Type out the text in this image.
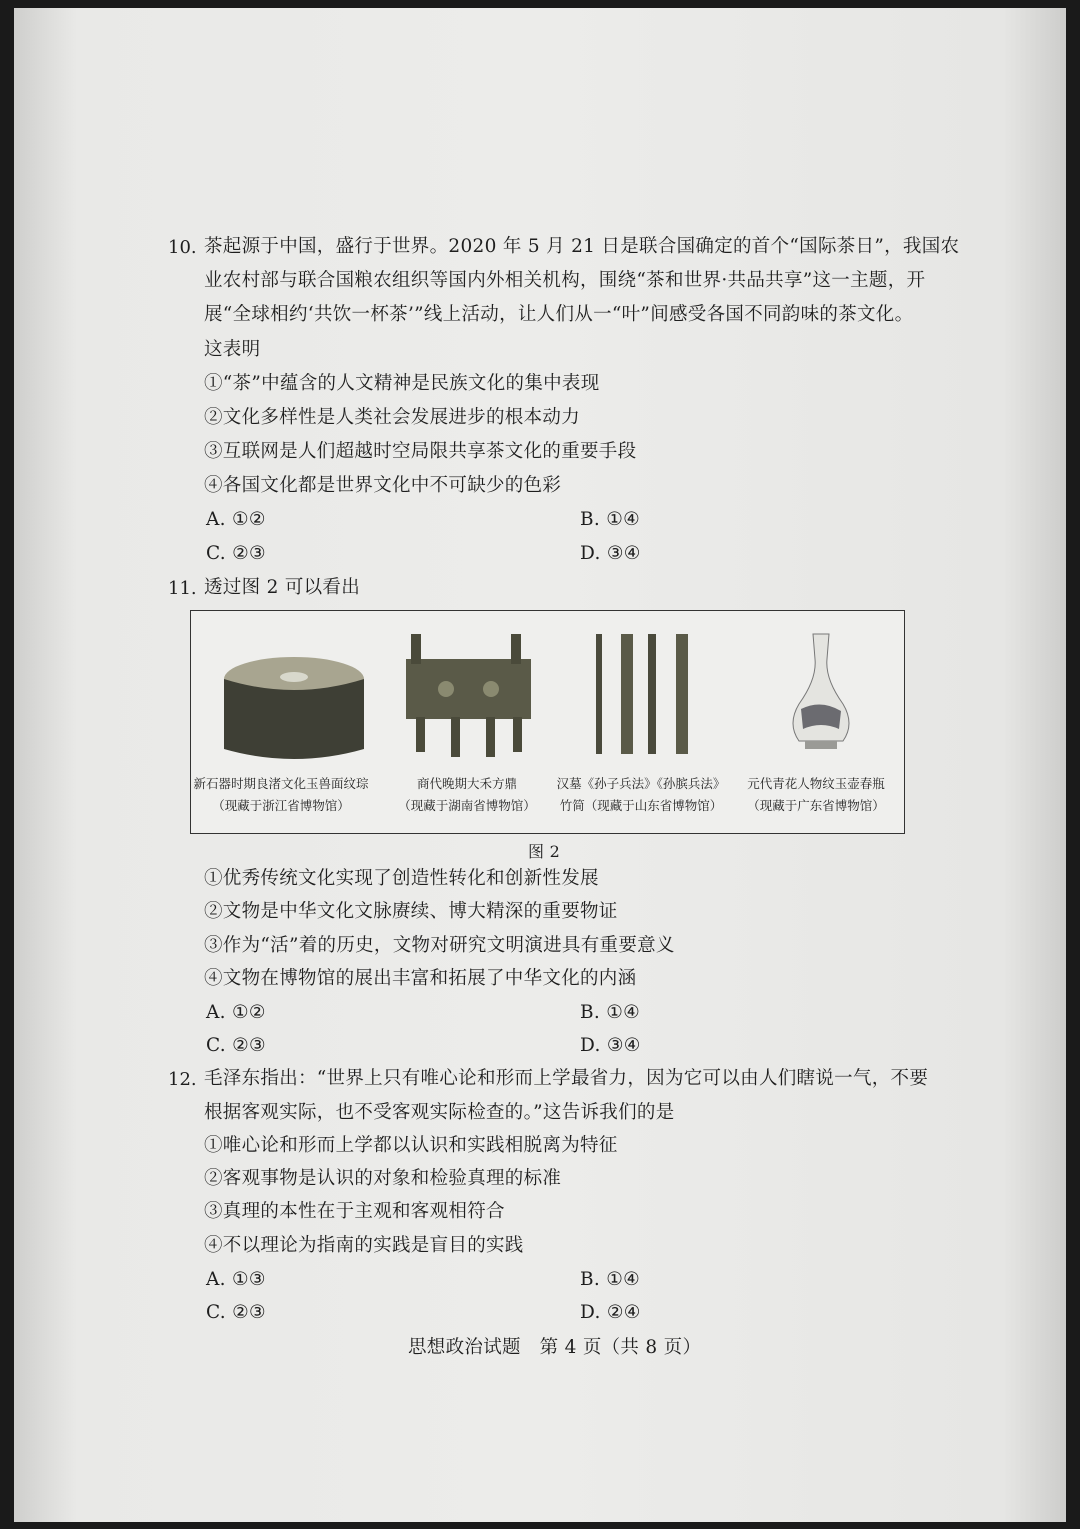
10. 茶起源于中国，盛行于世界。2020 年 5 月 21 日是联合国确定的首个“国际茶日”，我国农
业农村部与联合国粮农组织等国内外相关机构，围绕“茶和世界·共品共享”这一主题，开
展“全球相约‘共饮一杯茶’”线上活动，让人们从一“叶”间感受各国不同韵味的茶文化。
这表明
①“茶”中蕴含的人文精神是民族文化的集中表现
②文化多样性是人类社会发展进步的根本动力
③互联网是人们超越时空局限共享茶文化的重要手段
④各国文化都是世界文化中不可缺少的色彩
A. ①②	B. ①④
C. ②③	D. ③④
11. 透过图 2 可以看出
新石器时期良渚文化玉兽面纹琮
（现藏于浙江省博物馆）
商代晚期大禾方鼎
（现藏于湖南省博物馆）
汉墓《孙子兵法》《孙膑兵法》
竹简（现藏于山东省博物馆）
元代青花人物纹玉壶春瓶
（现藏于广东省博物馆）
图 2
①优秀传统文化实现了创造性转化和创新性发展
②文物是中华文化文脉赓续、博大精深的重要物证
③作为“活”着的历史，文物对研究文明演进具有重要意义
④文物在博物馆的展出丰富和拓展了中华文化的内涵
A. ①②	B. ①④
C. ②③	D. ③④
12. 毛泽东指出：“世界上只有唯心论和形而上学最省力，因为它可以由人们瞎说一气，不要
根据客观实际，也不受客观实际检查的。”这告诉我们的是
①唯心论和形而上学都以认识和实践相脱离为特征
②客观事物是认识的对象和检验真理的标准
③真理的本性在于主观和客观相符合
④不以理论为指南的实践是盲目的实践
A. ①③	B. ①④
C. ②③	D. ②④
思想政治试题　第 4 页（共 8 页）
